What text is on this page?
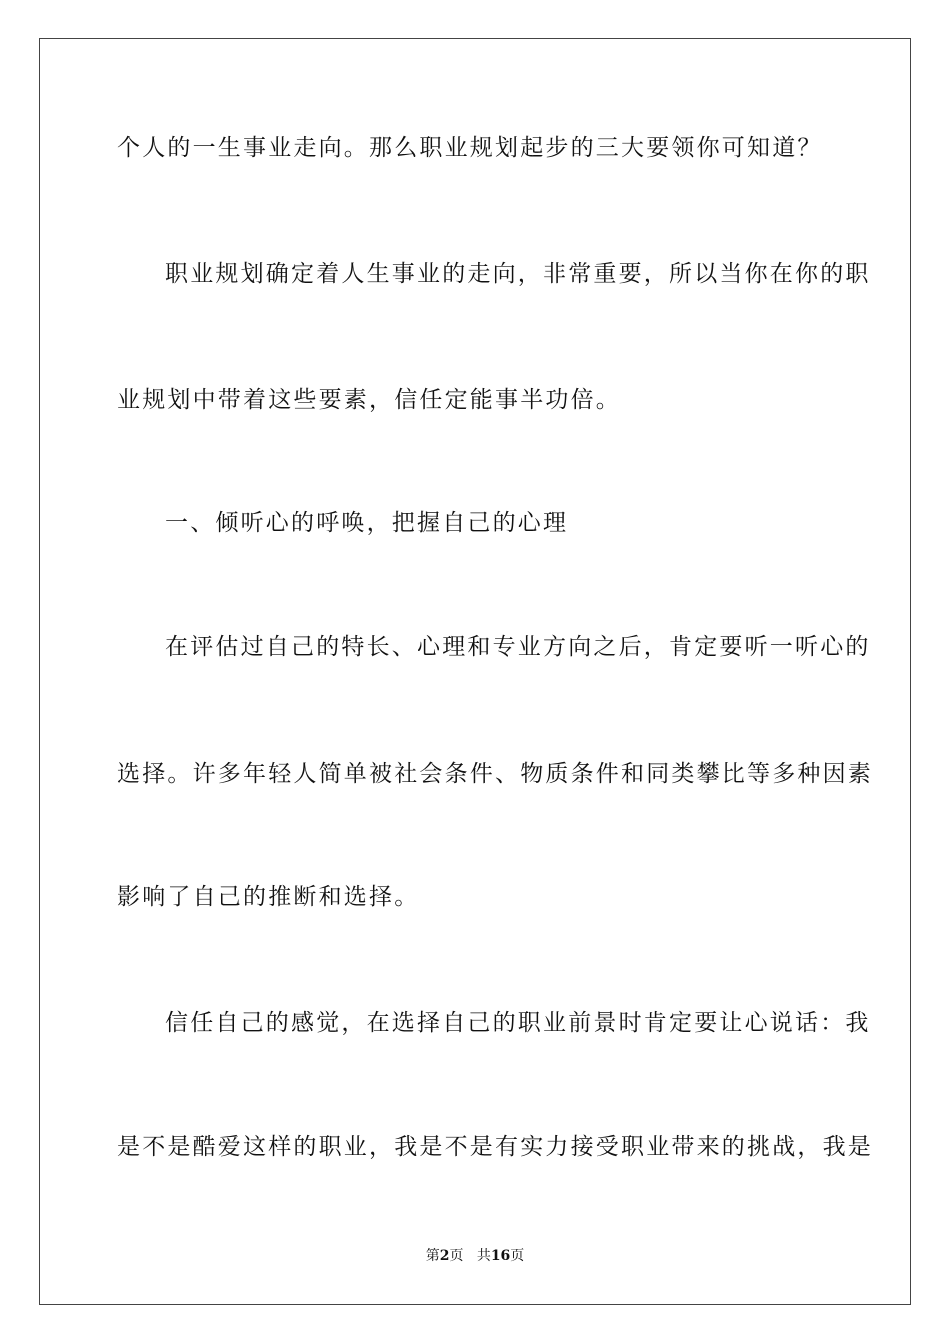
个人的一生事业走向。那么职业规划起步的三大要领你可知道？
职业规划确定着人生事业的走向，非常重要，所以当你在你的职
业规划中带着这些要素，信任定能事半功倍。
一、倾听心的呼唤，把握自己的心理
在评估过自己的特长、心理和专业方向之后，肯定要听一听心的
选择。许多年轻人简单被社会条件、物质条件和同类攀比等多种因素
影响了自己的推断和选择。
信任自己的感觉，在选择自己的职业前景时肯定要让心说话：我
是不是酷爱这样的职业，我是不是有实力接受职业带来的挑战，我是
第2页 共16页
